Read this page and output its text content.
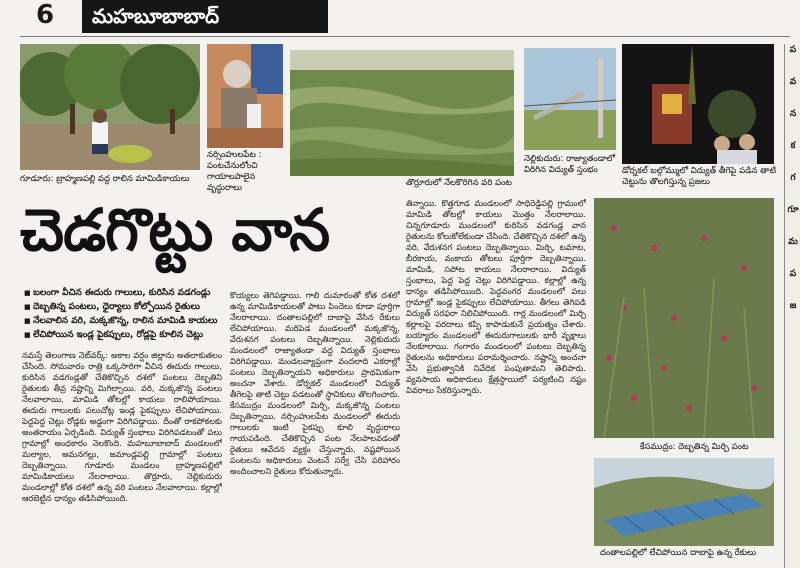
6	మహబూబాబాద్
గూడూరు: బ్రాహ్మణపల్లి వద్ద రాలిన మామిడికాయలు
నర్సింహులపేట : పంటచేనులోంచి గాయాలపాలైన వృద్ధురాలు	తొర్రూరులో నేలకొరిగిన వరి పంట
నెల్లికుదురు: రాజ్యాతండాలో విరిగిన విద్యుత్ స్తంభం	డోర్నకల్ బల్గోమ్ములో విద్యుత్ తీగెపై పడిన తాటి చెట్టును తొలగిస్తున్న ప్రజలు
చెడగొట్టు వాన
■ బలంగా వీచిన ఈదురు గాలులు, కురిసిన వడగండ్లు
■ దెబ్బతిన్న పంటలు, ధైర్యాలు కోల్పోయిన రైతులు
■ నేలవాలిన వరి, మక్కజొన్న, రాలిన మామిడి కాయలు
■ లేచిపోయిన ఇండ్ల పైకప్పులు, రోడ్లపై కూలిన చెట్లు
నమస్తే తెలంగాణ నెట్‌వర్క్: అకాల వర్షం జిల్లాను అతలాకుతలం చేసింది. సోమవారం రాత్రి ఒక్కసారిగా వీచిన ఈదురు గాలులు, కురిసిన వడగండ్లతో చేతికొచ్చిన దశలో పంటలు దెబ్బతిని రైతులకు తీవ్ర నష్టాన్ని మిగిల్చాయి. వరి, మక్కజొన్న పంటలు నేలవాలాయి. మామిడి తోటల్లో కాయలు రాలిపోయాయి. ఈదురు గాలులకు పలుచోట్ల ఇండ్ల పైకప్పులు లేచిపోయాయి. పెద్దపెద్ద చెట్లు రోడ్లకు అడ్డంగా విరిగిపడ్డాయి. దీంతో రాకపోకలకు అంతరాయం ఏర్పడింది. విద్యుత్ స్తంభాలు విరిగిపడటంతో పలు గ్రామాల్లో అంధకారం నెలకొంది. మహబూబాబాద్ మండలంలో మల్యాల, అమనగల్లు, జమాండ్లపల్లి గ్రామాల్లో పంటలు దెబ్బతిన్నాయి. గూడూరు మండలం బ్రాహ్మణపల్లిలో మామిడికాయలు నేలరాలాయి. తొర్రూరు, నెల్లికుదురు మండలాల్లో కోత దశలో ఉన్న వరి పంటలు నేలవాలాయి. కల్లాల్లో ఆరబెట్టిన ధాన్యం తడిసిపోయింది.
కొయ్యలు తెగిపడ్డాయి. గాలి దుమారంతో కోత దశలో ఉన్న మామిడికాయలతో పాటు పిందెలు కూడా పూర్తిగా నేలరాలాయి. దంతాలపల్లిలో దాబాపై వేసిన రేకులు లేచిపోయాయి. మరిపెడ మండలంలో మక్కజొన్న, వేరుశనగ పంటలు దెబ్బతిన్నాయి. నెల్లికుదురు మండలంలో రాజ్యాతండా వద్ద విద్యుత్ స్తంభాలు విరిగిపడ్డాయి. మండలవ్యాప్తంగా వందలాది ఎకరాల్లో పంటలు దెబ్బతిన్నాయని అధికారులు ప్రాథమికంగా అంచనా వేశారు. డోర్నకల్ మండలంలో విద్యుత్ తీగెలపై తాటి చెట్టు పడటంతో స్థానికులు తొలగించారు. కేసముద్రం మండలంలో మిర్చి, మక్కజొన్న పంటలు దెబ్బతిన్నాయి. నర్సింహులపేట మండలంలో ఈదురు గాలులకు ఇంటి పైకప్పు కూలి వృద్ధురాలు గాయపడింది. చేతికొచ్చిన పంట నేలపాలవడంతో రైతులు ఆవేదన వ్యక్తం చేస్తున్నారు. నష్టపోయిన పంటలను అధికారులు వెంటనే సర్వే చేసి పరిహారం అందించాలని రైతులు కోరుతున్నారు.
తిన్నాయి. కొత్తగూడ మండలంలో సాధిరెడ్డిపల్లి గ్రామంలో మామిడి తోటల్లో కాయలు మొత్తం నేలరాలాయి. చిన్నగూడూరు మండలంలో కురిసిన వడగండ్ల వాన రైతులను కోలుకోలేకుండా చేసింది. చేతికొచ్చిన దశలో ఉన్న వరి, వేరుశనగ పంటలు దెబ్బతిన్నాయి. మిర్చి, టమాట, బీరకాయ, వంకాయ తోటలు పూర్తిగా దెబ్బతిన్నాయి. మామిడి, సపోట కాయలు నేలరాలాయి. విద్యుత్ స్తంభాలు, పెద్ద పెద్ద చెట్లు విరిగిపడ్డాయి. కల్లాల్లో ఉన్న ధాన్యం తడిసిపోయింది. పెద్దవంగర మండలంలో పలు గ్రామాల్లో ఇండ్ల పైకప్పులు లేచిపోయాయి. తీగలు తెగిపడి విద్యుత్ సరఫరా నిలిచిపోయింది. గార్ల మండలంలో మిర్చి కల్లాలపై పరదాలు కప్పి కాపాడుకునే ప్రయత్నం చేశారు. బయ్యారం మండలంలో ఈదురుగాలులకు భారీ వృక్షాలు నేలకూలాయి. గంగారం మండలంలో పంటలు దెబ్బతిన్న రైతులను అధికారులు పరామర్శించారు. నష్టాన్ని అంచనా వేసి ప్రభుత్వానికి నివేదిక పంపుతామని తెలిపారు. వ్యవసాయ అధికారులు క్షేత్రస్థాయిలో పర్యటించి నష్టం వివరాలు సేకరిస్తున్నారు.
కేసముద్రం: దెబ్బతిన్న మిర్చి పంట
దంతాలపల్లిలో లేచిపోయిన దాబాపై ఉన్న రేకులు
ప
వ
న
క
గ
గూ
మ
ప
జ
